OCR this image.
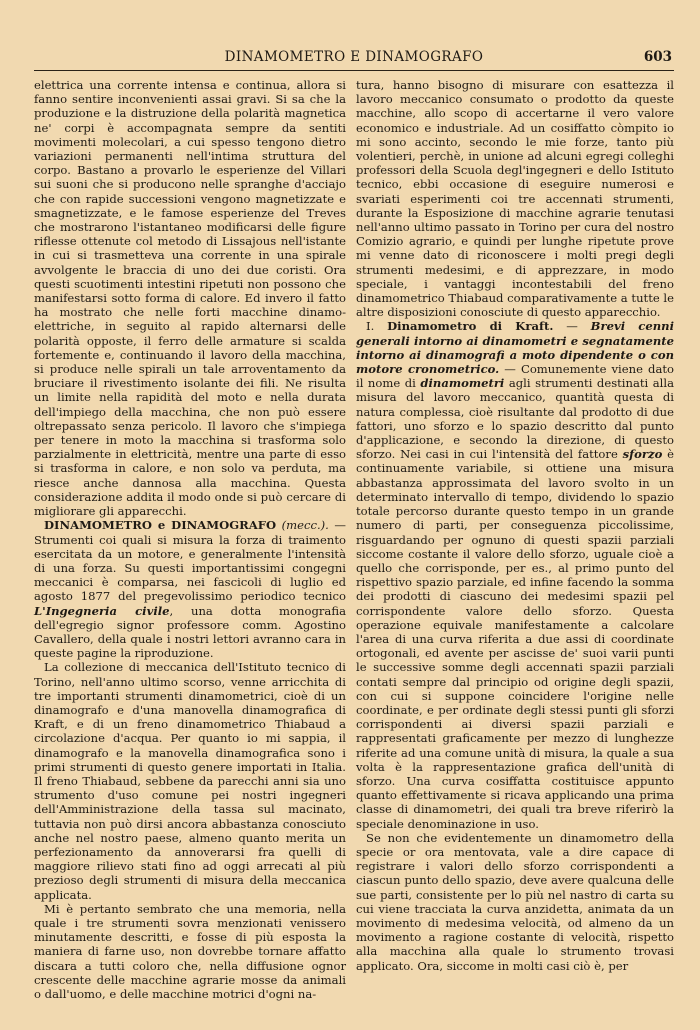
DINAMOMETRO E DINAMOGRAFO	603

elettrica una corrente intensa e continua, allora si fanno sentire inconvenienti assai gravi. Si sa che la produzione e la distruzione della polarità magnetica ne' corpi è accompagnata sempre da sentiti movimenti molecolari, a cui spesso tengono dietro variazioni permanenti nell'intima struttura del corpo. Bastano a provarlo le esperienze del Villari sui suoni che si producono nelle spranghe d'acciajo che con rapide successioni vengono magnetizzate e smagnetizzate, e le famose esperienze del Treves che mostrarono l'istantaneo modificarsi delle figure riflesse ottenute col metodo di Lissajous nell'istante in cui si trasmetteva una corrente in una spirale avvolgente le braccia di uno dei due coristi. Ora questi scuotimenti intestini ripetuti non possono che manifestarsi sotto forma di calore. Ed invero il fatto ha mostrato che nelle forti macchine dinamo-elettriche, in seguito al rapido alternarsi delle polarità opposte, il ferro delle armature si scalda fortemente e, continuando il lavoro della macchina, si produce nelle spirali un tale arroventamento da bruciare il rivestimento isolante dei fili. Ne risulta un limite nella rapidità del moto e nella durata dell'impiego della macchina, che non può essere oltrepassato senza pericolo. Il lavoro che s'impiega per tenere in moto la macchina si trasforma solo parzialmente in elettricità, mentre una parte di esso si trasforma in calore, e non solo va perduta, ma riesce anche dannosa alla macchina. Questa considerazione addita il modo onde si può cercare di migliorare gli apparecchi.

DINAMOMETRO e DINAMOGRAFO (mecc.). — Strumenti coi quali si misura la forza di traimento esercitata da un motore, e generalmente l'intensità di una forza. Su questi importantissimi congegni meccanici è comparsa, nei fascicoli di luglio ed agosto 1877 del pregevolissimo periodico tecnico L'Ingegneria civile, una dotta monografia dell'egregio signor professore comm. Agostino Cavallero, della quale i nostri lettori avranno cara in queste pagine la riproduzione.

La collezione di meccanica dell'Istituto tecnico di Torino, nell'anno ultimo scorso, venne arricchita di tre importanti strumenti dinamometrici, cioè di un dinamografo e d'una manovella dinamografica di Kraft, e di un freno dinamometrico Thiabaud a circolazione d'acqua. Per quanto io mi sappia, il dinamografo e la manovella dinamografica sono i primi strumenti di questo genere importati in Italia. Il freno Thiabaud, sebbene da parecchi anni sia uno strumento d'uso comune pei nostri ingegneri dell'Amministrazione della tassa sul macinato, tuttavia non può dirsi ancora abbastanza conosciuto anche nel nostro paese, almeno quanto merita un perfezionamento da annoverarsi fra quelli di maggiore rilievo stati fino ad oggi arrecati al più prezioso degli strumenti di misura della meccanica applicata.

Mi è pertanto sembrato che una memoria, nella quale i tre strumenti sovra menzionati venissero minutamente descritti, e fosse di più esposta la maniera di farne uso, non dovrebbe tornare affatto discara a tutti coloro che, nella diffusione ognor crescente delle macchine agrarie mosse da animali o dall'uomo, e delle macchine motrici d'ogni na-

tura, hanno bisogno di misurare con esattezza il lavoro meccanico consumato o prodotto da queste macchine, allo scopo di accertarne il vero valore economico e industriale. Ad un cosiffatto còmpito io mi sono accinto, secondo le mie forze, tanto più volentieri, perchè, in unione ad alcuni egregi colleghi professori della Scuola degl'ingegneri e dello Istituto tecnico, ebbi occasione di eseguire numerosi e svariati esperimenti coi tre accennati strumenti, durante la Esposizione di macchine agrarie tenutasi nell'anno ultimo passato in Torino per cura del nostro Comizio agrario, e quindi per lunghe ripetute prove mi venne dato di riconoscere i molti pregi degli strumenti medesimi, e di apprezzare, in modo speciale, i vantaggi incontestabili del freno dinamometrico Thiabaud comparativamente a tutte le altre disposizioni conosciute di questo apparecchio.

I. Dinamometro di Kraft. — Brevi cenni generali intorno ai dinamometri e segnatamente intorno ai dinamografi a moto dipendente o con motore cronometrico. — Comunemente viene dato il nome di dinamometri agli strumenti destinati alla misura del lavoro meccanico, quantità questa di natura complessa, cioè risultante dal prodotto di due fattori, uno sforzo e lo spazio descritto dal punto d'applicazione, e secondo la direzione, di questo sforzo. Nei casi in cui l'intensità del fattore sforzo è continuamente variabile, si ottiene una misura abbastanza approssimata del lavoro svolto in un determinato intervallo di tempo, dividendo lo spazio totale percorso durante questo tempo in un grande numero di parti, per conseguenza piccolissime, risguardando per ognuno di questi spazii parziali siccome costante il valore dello sforzo, uguale cioè a quello che corrisponde, per es., al primo punto del rispettivo spazio parziale, ed infine facendo la somma dei prodotti di ciascuno dei medesimi spazii pel corrispondente valore dello sforzo. Questa operazione equivale manifestamente a calcolare l'area di una curva riferita a due assi di coordinate ortogonali, ed avente per ascisse de' suoi varii punti le successive somme degli accennati spazii parziali contati sempre dal principio od origine degli spazii, con cui si suppone coincidere l'origine nelle coordinate, e per ordinate degli stessi punti gli sforzi corrispondenti ai diversi spazii parziali e rappresentati graficamente per mezzo di lunghezze riferite ad una comune unità di misura, la quale a sua volta è la rappresentazione grafica dell'unità di sforzo. Una curva cosiffatta costituisce appunto quanto effettivamente si ricava applicando una prima classe di dinamometri, dei quali tra breve riferirò la speciale denominazione in uso.

Se non che evidentemente un dinamometro della specie or ora mentovata, vale a dire capace di registrare i valori dello sforzo corrispondenti a ciascun punto dello spazio, deve avere qualcuna delle sue parti, consistente per lo più nel nastro di carta su cui viene tracciata la curva anzidetta, animata da un movimento di medesima velocità, od almeno da un movimento a ragione costante di velocità, rispetto alla macchina alla quale lo strumento trovasi applicato. Ora, siccome in molti casi ciò è, per
